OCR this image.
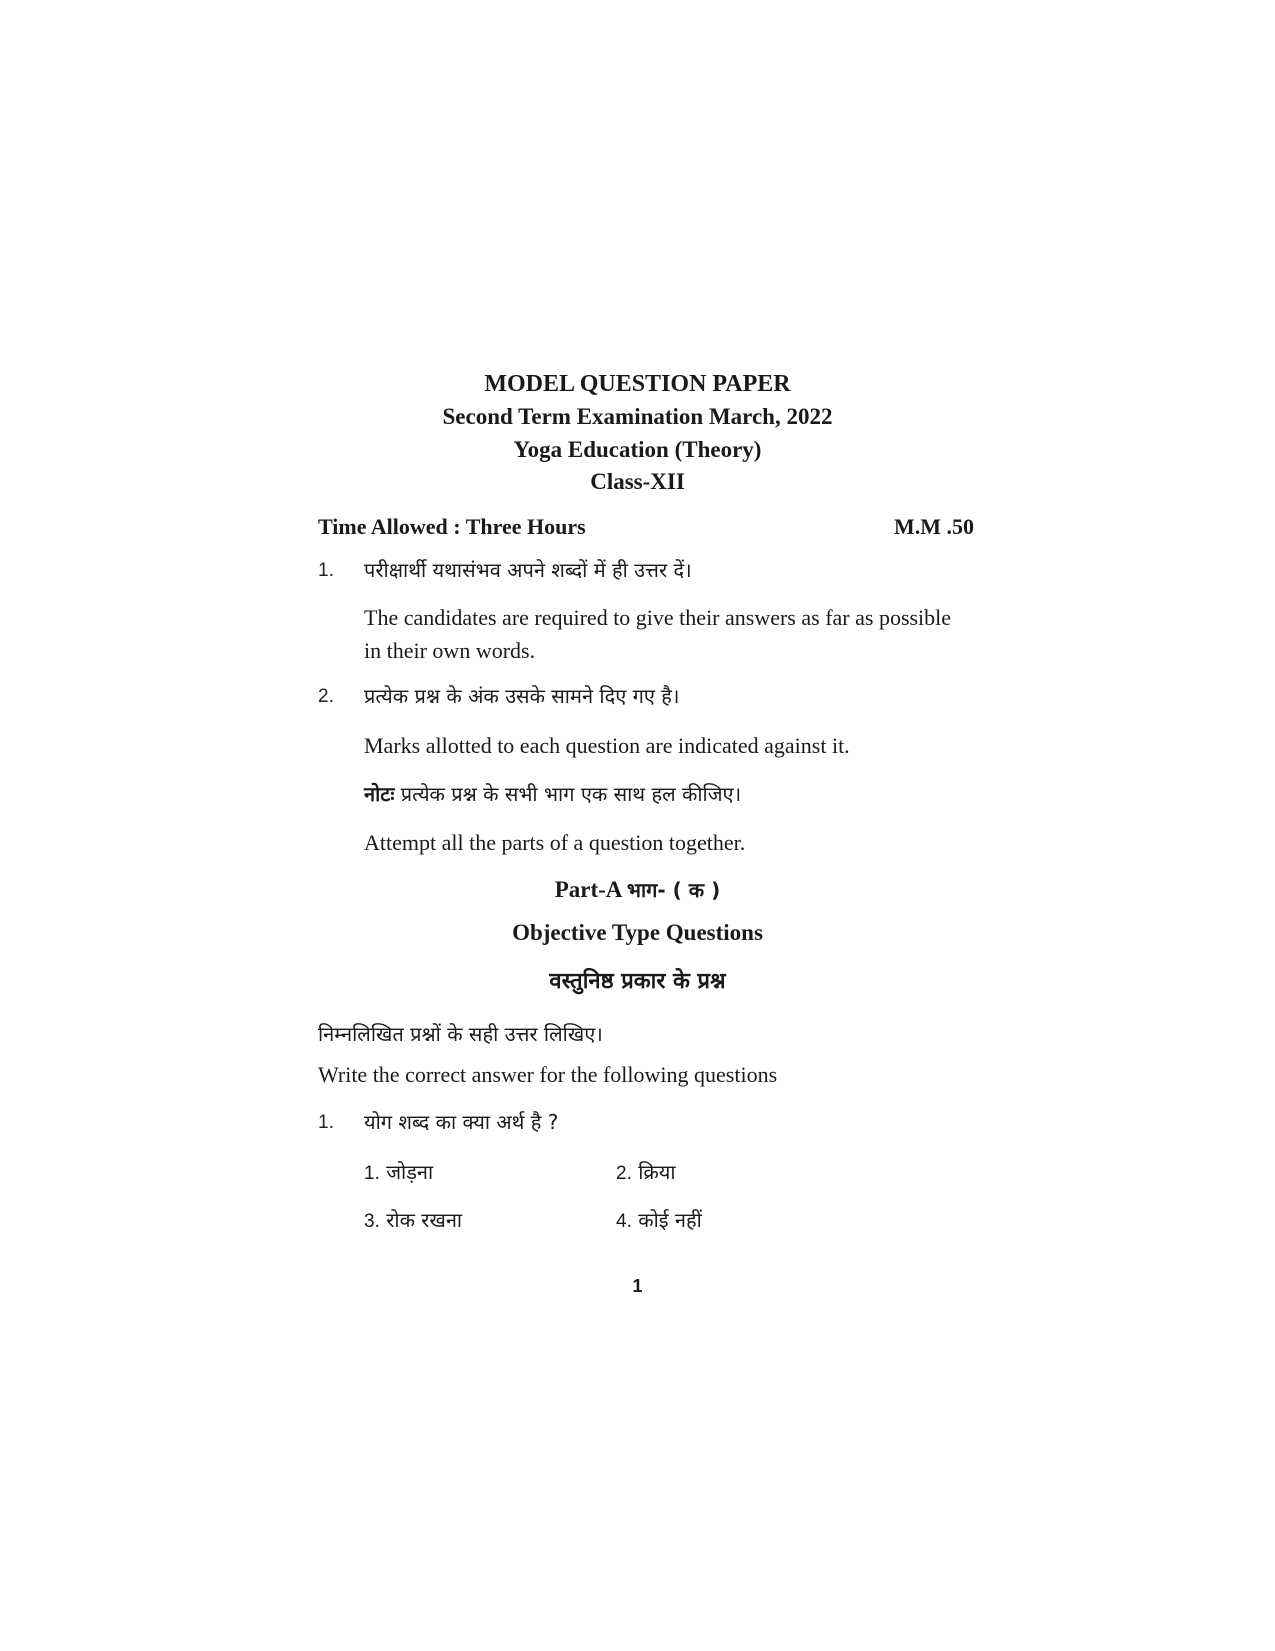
MODEL QUESTION PAPER
Second Term Examination March, 2022
Yoga Education (Theory)
Class-XII
Time Allowed : Three Hours	M.M .50
1. परीक्षार्थी यथासंभव अपने शब्दों में ही उत्तर दें।
The candidates are required to give their answers as far as possible
in their own words.
2. प्रत्येक प्रश्न के अंक उसके सामने दिए गए है।
Marks allotted to each question are indicated against it.
नोटः प्रत्येक प्रश्न के सभी भाग एक साथ हल कीजिए।
Attempt all the parts of a question together.
Part-A भाग- ( क )
Objective Type Questions
वस्तुनिष्ठ प्रकार के प्रश्न
निम्नलिखित प्रश्नों के सही उत्तर लिखिए।
Write the correct answer for the following questions
1. योग शब्द का क्या अर्थ है ?
1. जोड़ना	2. क्रिया
3. रोक रखना	4. कोई नहीं
1
